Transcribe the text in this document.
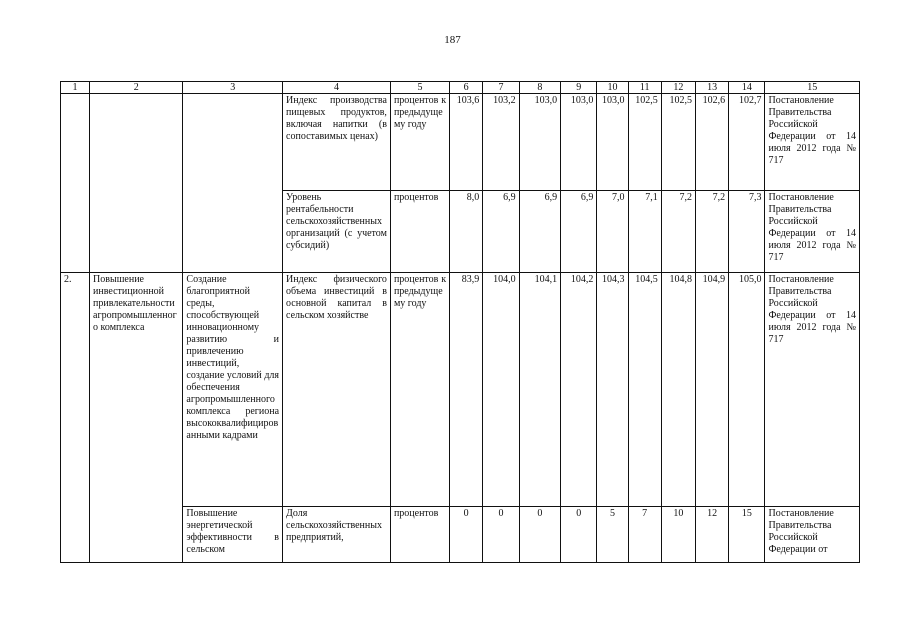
187
1	2	3	4	5	6	7	8	9	10	11	12	13	14	15
			Индекс производства пищевых продуктов, включая напитки (в сопоставимых ценах)	процентов к предыдущему году	103,6	103,2	103,0	103,0	103,0	102,5	102,5	102,6	102,7	Постановление Правительства Российской Федерации от 14 июля 2012 года № 717
			Уровень рентабельности сельскохозяйственных организаций (с учетом субсидий)	процентов	8,0	6,9	6,9	6,9	7,0	7,1	7,2	7,2	7,3	Постановление Правительства Российской Федерации от 14 июля 2012 года № 717
2.	Повышение инвестиционной привлекательности агропромышленного комплекса	Создание благоприятной среды, способствующей инновационному развитию и привлечению инвестиций, создание условий для обеспечения агропромышленного комплекса региона высококвалифицированными кадрами	Индекс физического объема инвестиций в основной капитал в сельском хозяйстве	процентов к предыдущему году	83,9	104,0	104,1	104,2	104,3	104,5	104,8	104,9	105,0	Постановление Правительства Российской Федерации от 14 июля 2012 года № 717
		Повышение энергетической эффективности в сельском	Доля сельскохозяйственных предприятий,	процентов	0	0	0	0	5	7	10	12	15	Постановление Правительства Российской Федерации от
